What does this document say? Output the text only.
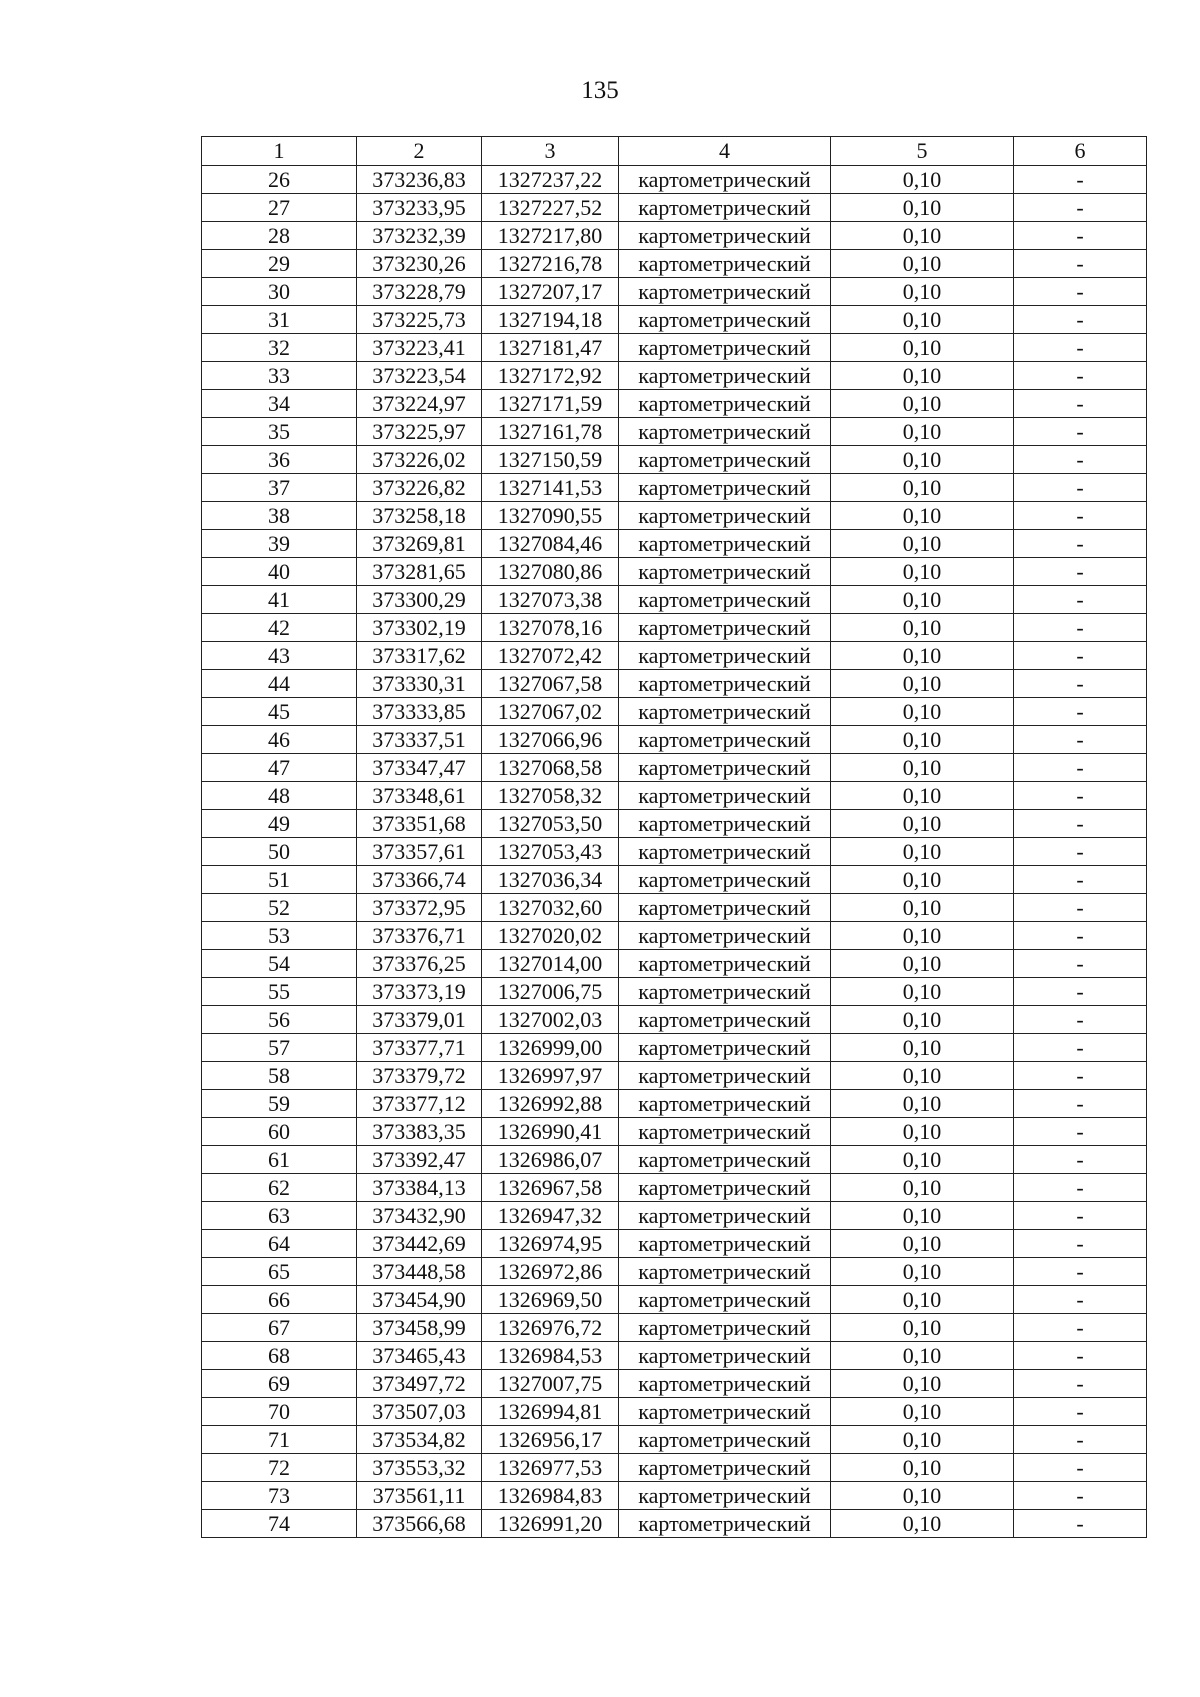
135
1	2	3	4	5	6
26	373236,83	1327237,22	картометрический	0,10	-
27	373233,95	1327227,52	картометрический	0,10	-
28	373232,39	1327217,80	картометрический	0,10	-
29	373230,26	1327216,78	картометрический	0,10	-
30	373228,79	1327207,17	картометрический	0,10	-
31	373225,73	1327194,18	картометрический	0,10	-
32	373223,41	1327181,47	картометрический	0,10	-
33	373223,54	1327172,92	картометрический	0,10	-
34	373224,97	1327171,59	картометрический	0,10	-
35	373225,97	1327161,78	картометрический	0,10	-
36	373226,02	1327150,59	картометрический	0,10	-
37	373226,82	1327141,53	картометрический	0,10	-
38	373258,18	1327090,55	картометрический	0,10	-
39	373269,81	1327084,46	картометрический	0,10	-
40	373281,65	1327080,86	картометрический	0,10	-
41	373300,29	1327073,38	картометрический	0,10	-
42	373302,19	1327078,16	картометрический	0,10	-
43	373317,62	1327072,42	картометрический	0,10	-
44	373330,31	1327067,58	картометрический	0,10	-
45	373333,85	1327067,02	картометрический	0,10	-
46	373337,51	1327066,96	картометрический	0,10	-
47	373347,47	1327068,58	картометрический	0,10	-
48	373348,61	1327058,32	картометрический	0,10	-
49	373351,68	1327053,50	картометрический	0,10	-
50	373357,61	1327053,43	картометрический	0,10	-
51	373366,74	1327036,34	картометрический	0,10	-
52	373372,95	1327032,60	картометрический	0,10	-
53	373376,71	1327020,02	картометрический	0,10	-
54	373376,25	1327014,00	картометрический	0,10	-
55	373373,19	1327006,75	картометрический	0,10	-
56	373379,01	1327002,03	картометрический	0,10	-
57	373377,71	1326999,00	картометрический	0,10	-
58	373379,72	1326997,97	картометрический	0,10	-
59	373377,12	1326992,88	картометрический	0,10	-
60	373383,35	1326990,41	картометрический	0,10	-
61	373392,47	1326986,07	картометрический	0,10	-
62	373384,13	1326967,58	картометрический	0,10	-
63	373432,90	1326947,32	картометрический	0,10	-
64	373442,69	1326974,95	картометрический	0,10	-
65	373448,58	1326972,86	картометрический	0,10	-
66	373454,90	1326969,50	картометрический	0,10	-
67	373458,99	1326976,72	картометрический	0,10	-
68	373465,43	1326984,53	картометрический	0,10	-
69	373497,72	1327007,75	картометрический	0,10	-
70	373507,03	1326994,81	картометрический	0,10	-
71	373534,82	1326956,17	картометрический	0,10	-
72	373553,32	1326977,53	картометрический	0,10	-
73	373561,11	1326984,83	картометрический	0,10	-
74	373566,68	1326991,20	картометрический	0,10	-
